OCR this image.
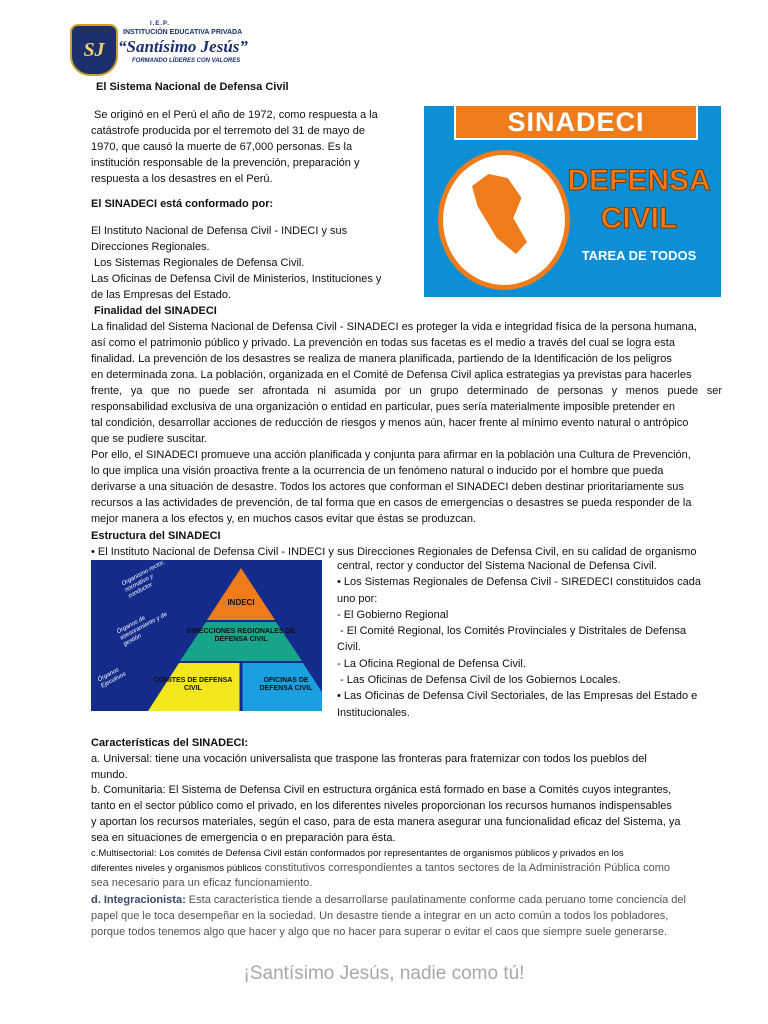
SJ
I.E.P.
INSTITUCIÓN EDUCATIVA PRIVADA
“Santísimo Jesús”
FORMANDO LÍDERES CON VALORES
El Sistema Nacional de Defensa Civil
Se originó en el Perú el año de 1972, como respuesta a la
catástrofe producida por el terremoto del 31 de mayo de
1970, que causó la muerte de 67,000 personas. Es la
institución responsable de la prevención, preparación y
respuesta a los desastres en el Perú.
El SINADECI está conformado por:
El Instituto Nacional de Defensa Civil - INDECI y sus
Direcciones Regionales.
Los Sistemas Regionales de Defensa Civil.
Las Oficinas de Defensa Civil de Ministerios, Instituciones y
de las Empresas del Estado.
SINADECI
DEFENSA
CIVIL
TAREA DE TODOS
Finalidad del SINADECI
La finalidad del Sistema Nacional de Defensa Civil - SINADECI es proteger la vida e integridad física de la persona humana,
así como el patrimonio público y privado. La prevención en todas sus facetas es el medio a través del cual se logra esta
finalidad. La prevención de los desastres se realiza de manera planificada, partiendo de la Identificación de los peligros
en determinada zona. La población, organizada en el Comité de Defensa Civil aplica estrategias ya previstas para hacerles
frente, ya que no puede ser afrontada ni asumida por un grupo determinado de personas y menos puede ser
responsabilidad exclusiva de una organización o entidad en particular, pues sería materialmente imposible pretender en
tal condición, desarrollar acciones de reducción de riesgos y menos aún, hacer frente al mínimo evento natural o antrópico
que se pudiere suscitar.
Por ello, el SINADECI promueve una acción planificada y conjunta para afirmar en la población una Cultura de Prevención,
lo que implica una visión proactiva frente a la ocurrencia de un fenómeno natural o inducido por el hombre que pueda
derivarse a una situación de desastre. Todos los actores que conforman el SINADECI deben destinar prioritariamente sus
recursos a las actividades de prevención, de tal forma que en casos de emergencias o desastres se pueda responder de la
mejor manera a los efectos y, en muchos casos evitar que éstas se produzcan.
Estructura del SINADECI
• El Instituto Nacional de Defensa Civil - INDECI y sus Direcciones Regionales de Defensa Civil, en su calidad de organismo
central, rector y conductor del Sistema Nacional de Defensa Civil.
• Los Sistemas Regionales de Defensa Civil - SIREDECI constituidos cada
uno por:
- El Gobierno Regional
- El Comité Regional, los Comités Provinciales y Distritales de Defensa
Civil.
- La Oficina Regional de Defensa Civil.
- Las Oficinas de Defensa Civil de los Gobiernos Locales.
• Las Oficinas de Defensa Civil Sectoriales, de las Empresas del Estado e
Institucionales.
INDECI
DIRECCIONES REGIONALES DE DEFENSA CIVIL
COMITES DE DEFENSA CIVIL
OFICINAS DE DEFENSA CIVIL
Organismo rector, normativo y conductor
Órganos de asesoramiento y de gestión
Órganos Ejecutivos
Características del SINADECI:
a. Universal: tiene una vocación universalista que traspone las fronteras para fraternizar con todos los pueblos del
mundo.
b. Comunitaria: El Sistema de Defensa Civil en estructura orgánica está formado en base a Comités cuyos integrantes,
tanto en el sector público como el privado, en los diferentes niveles proporcionan los recursos humanos indispensables
y aportan los recursos materiales, según el caso, para de esta manera asegurar una funcionalidad eficaz del Sistema, ya
sea en situaciones de emergencia o en preparación para ésta.
c.Multisectorial: Los comités de Defensa Civil están conformados por representantes de organismos públicos y privados en los
diferentes niveles y organismos públicos constitutivos correspondientes a tantos sectores de la Administración Pública como
sea necesario para un eficaz funcionamiento.
d. Integracionista: Esta característica tiende a desarrollarse paulatinamente conforme cada peruano tome conciencia del
papel que le toca desempeñar en la sociedad. Un desastre tiende a integrar en un acto común a todos los pobladores,
porque todos tenemos algo que hacer y algo que no hacer para superar o evitar el caos que siempre suele generarse.
¡Santísimo Jesús, nadie como tú!
